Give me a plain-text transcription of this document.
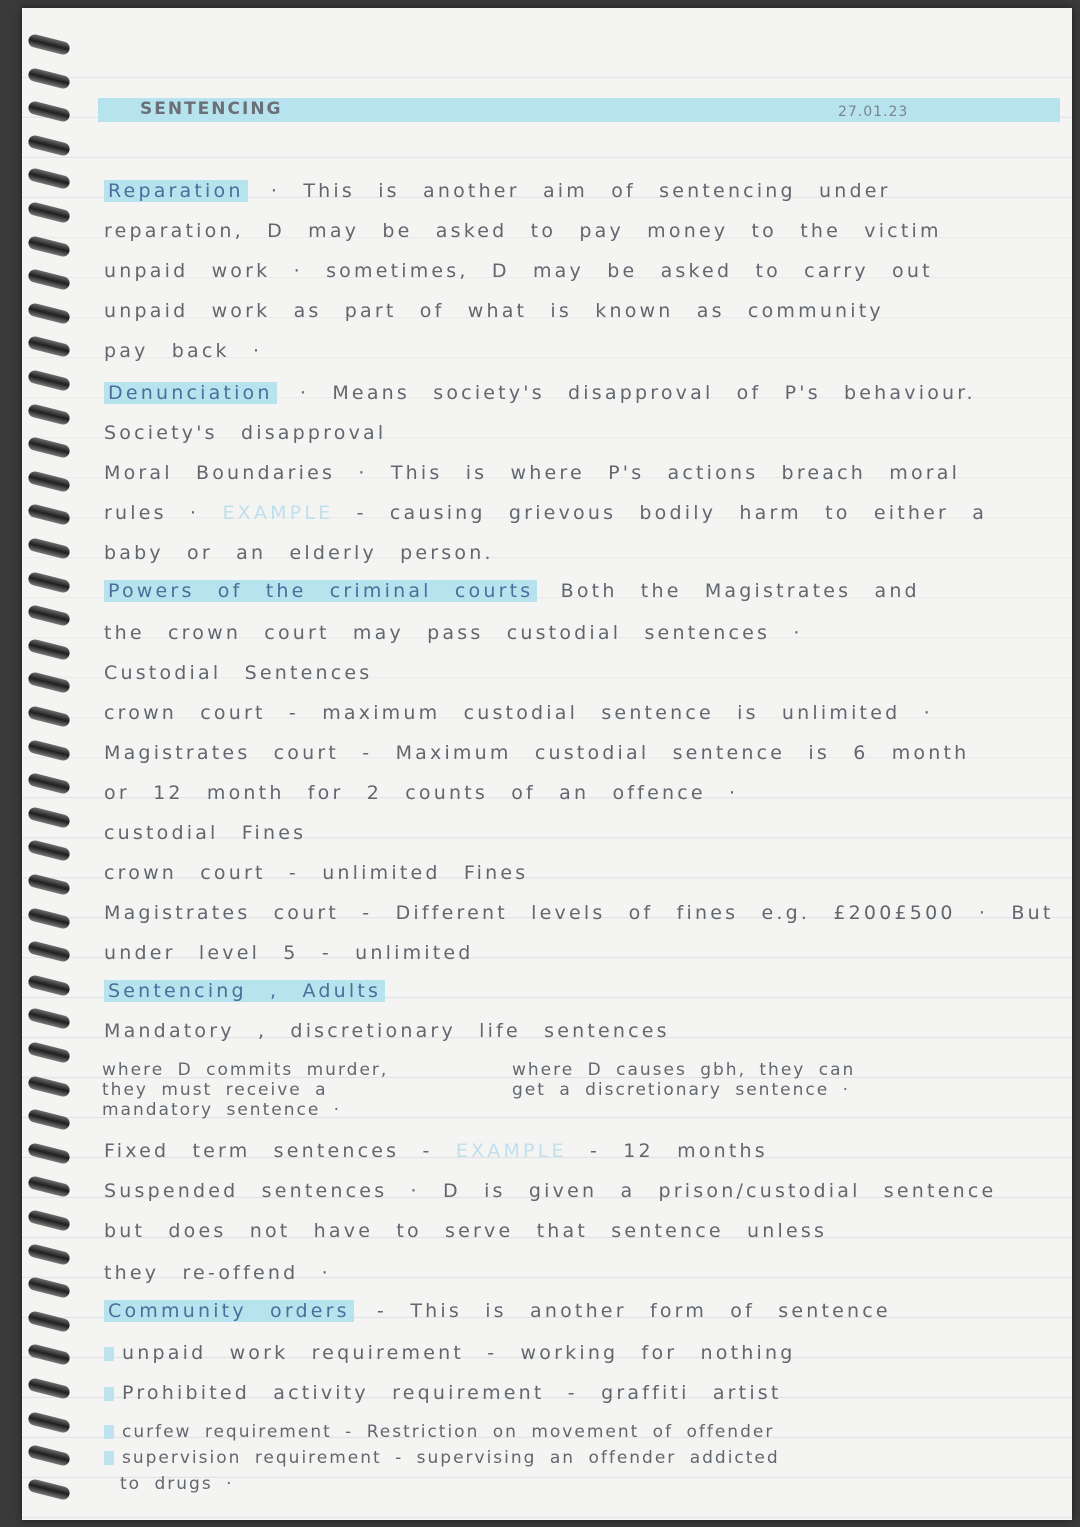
SENTENCING	27.01.23
Reparation · This is another aim of sentencing under
reparation, D may be asked to pay money to the victim
unpaid work · sometimes, D may be asked to carry out
unpaid work as part of what is known as community
pay back ·
Denunciation · Means society's disapproval of P's behaviour.
Society's disapproval
Moral Boundaries · This is where P's actions breach moral
rules · EXAMPLE - causing grievous bodily harm to either a
baby or an elderly person.
Powers of the criminal courts Both the Magistrates and
the crown court may pass custodial sentences ·
Custodial Sentences
crown court - maximum custodial sentence is unlimited ·
Magistrates court - Maximum custodial sentence is 6 month
or 12 month for 2 counts of an offence ·
custodial Fines
crown court - unlimited Fines
Magistrates court - Different levels of fines e.g. £200£500 · But
under level 5 - unlimited
Sentencing , Adults
Mandatory , discretionary life sentences
where D commits murder,
they must receive a
mandatory sentence ·
where D causes gbh, they can
get a discretionary sentence ·
Fixed term sentences - EXAMPLE - 12 months
Suspended sentences · D is given a prison/custodial sentence
but does not have to serve that sentence unless
they re-offend ·
Community orders - This is another form of sentence
unpaid work requirement - working for nothing
Prohibited activity requirement - graffiti artist
curfew requirement - Restriction on movement of offender
supervision requirement - supervising an offender addicted
to drugs ·
